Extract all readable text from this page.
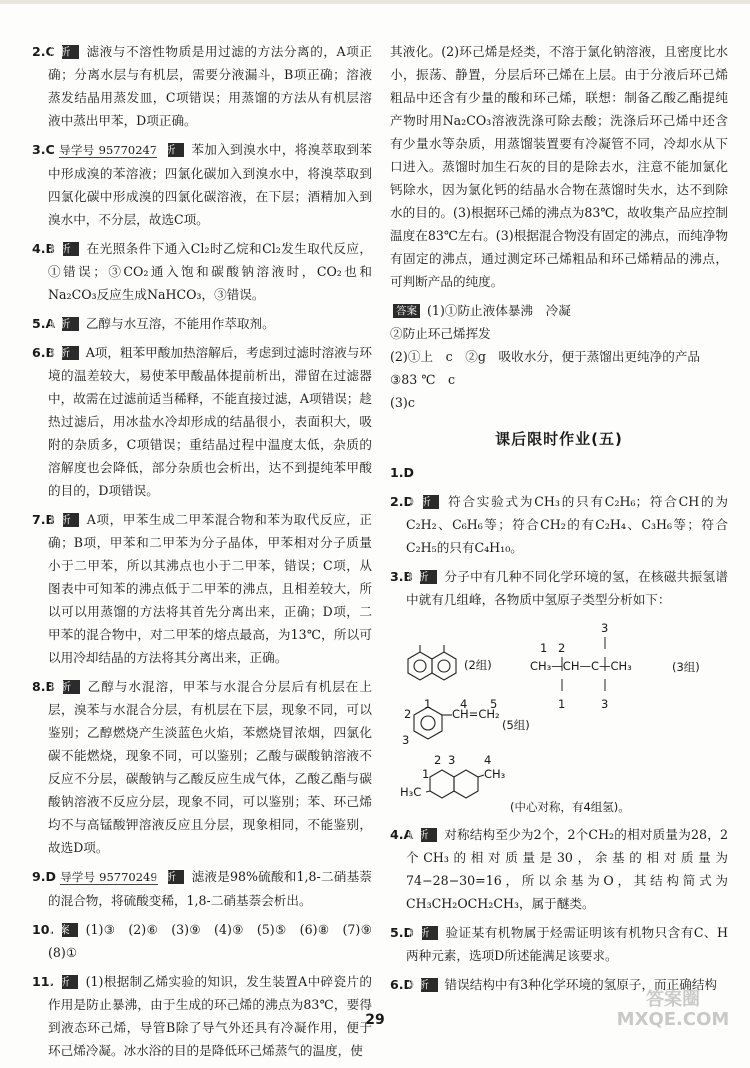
2.C 解析 滤液与不溶性物质是用过滤的方法分离的，A项正确；分离水层与有机层，需要分液漏斗，B项正确；溶液蒸发结晶用蒸发皿，C项错误；用蒸馏的方法从有机层溶液中蒸出甲苯，D项正确。

3.C 导学号 95770247 解析 苯加入到溴水中，将溴萃取到苯中形成溴的苯溶液；四氯化碳加入到溴水中，将溴萃取到四氯化碳中形成溴的四氯化碳溶液，在下层；酒精加入到溴水中，不分层，故选C项。

4.B 解析 在光照条件下通入Cl₂时乙烷和Cl₂发生取代反应，①错误；③CO₂通入饱和碳酸钠溶液时，CO₂也和Na₂CO₃反应生成NaHCO₃，③错误。

5.A 解析 乙醇与水互溶，不能用作萃取剂。

6.B 解析 A项，粗苯甲酸加热溶解后，考虑到过滤时溶液与环境的温差较大，易使苯甲酸晶体提前析出，滞留在过滤器中，故需在过滤前适当稀释，不能直接过滤，A项错误；趁热过滤后，用冰盐水冷却形成的结晶很小，表面积大，吸附的杂质多，C项错误；重结晶过程中温度太低，杂质的溶解度也会降低，部分杂质也会析出，达不到提纯苯甲酸的目的，D项错误。

7.B 解析 A项，甲苯生成二甲苯混合物和苯为取代反应，正确；B项，甲苯和二甲苯为分子晶体，甲苯相对分子质量小于二甲苯，所以其沸点也小于二甲苯，错误；C项，从图表中可知苯的沸点低于二甲苯的沸点，且相差较大，所以可以用蒸馏的方法将其首先分离出来，正确；D项，二甲苯的混合物中，对二甲苯的熔点最高，为13℃，所以可以用冷却结晶的方法将其分离出来，正确。

8.B 解析 乙醇与水混溶，甲苯与水混合分层后有机层在上层，溴苯与水混合分层，有机层在下层，现象不同，可以鉴别；乙醇燃烧产生淡蓝色火焰，苯燃烧冒浓烟，四氯化碳不能燃烧，现象不同，可以鉴别；乙酸与碳酸钠溶液不反应不分层，碳酸钠与乙酸反应生成气体，乙酸乙酯与碳酸钠溶液不反应分层，现象不同，可以鉴别；苯、环己烯均不与高锰酸钾溶液反应且分层，现象相同，不能鉴别，故选D项。

9.D 导学号 95770249 解析 滤液是98%硫酸和1,8-二硝基萘的混合物，将硫酸变稀，1,8-二硝基萘会析出。

10. 答案 (1)③　(2)⑥　(3)⑨　(4)⑨　(5)⑤　(6)⑧　(7)⑨　(8)①

11. 解析 (1)根据制乙烯实验的知识，发生装置A中碎瓷片的作用是防止暴沸，由于生成的环己烯的沸点为83℃，要得到液态环己烯，导管B除了导气外还具有冷凝作用，便于环己烯冷凝。冰水浴的目的是降低环己烯蒸气的温度，使

其液化。(2)环己烯是烃类，不溶于氯化钠溶液，且密度比水小，振荡、静置，分层后环己烯在上层。由于分液后环己烯粗品中还含有少量的酸和环己烯，联想：制备乙酸乙酯提纯产物时用Na₂CO₃溶液洗涤可除去酸；洗涤后环己烯中还含有少量水等杂质，用蒸馏装置要有冷凝管不同，冷却水从下口进入。蒸馏时加生石灰的目的是除去水，注意不能加氯化钙除水，因为氯化钙的结晶水合物在蒸馏时失水，达不到除水的目的。(3)根据环己烯的沸点为83℃，故收集产品应控制温度在83℃左右。(3)根据混合物没有固定的沸点，而纯净物有固定的沸点，通过测定环己烯粗品和环己烯精品的沸点，可判断产品的纯度。

答案 (1)①防止液体暴沸　冷凝

②防止环己烯挥发

(2)①上　c　②g　吸收水分，便于蒸馏出更纯净的产品

③83 ℃　c

(3)c

课后限时作业(五)

1.D

2.D 解析 符合实验式为CH₃的只有C₂H₆；符合CH的为C₂H₂、C₆H₆等；符合CH₂的有C₂H₄、C₃H₆等；符合C₂H₅的只有C₄H₁₀。

3.B 解析 分子中有几种不同化学环境的氢，在核磁共振氢谱中就有几组峰，各物质中氢原子类型分析如下：

(2组)	CH₃—CH—C—CH₃
1 2
3
1	3
(3组)
CH=CH₂
2
3
1 4 5
(5组)
H₃C
CH₃
2 3 4
1
(中心对称，有4组氢)。

4.A 解析 对称结构至少为2个，2个CH₂的相对质量为28，2个CH₃的相对质量是30，余基的相对质量为74−28−30=16，所以余基为O，其结构简式为CH₃CH₂OCH₂CH₃，属于醚类。

5.D 解析 验证某有机物属于烃需证明该有机物只含有C、H两种元素，选项D所述能满足该要求。

6.D 解析 错误结构中有3种化学环境的氢原子，而正确结构

29
答案圈
MXQE.COM
